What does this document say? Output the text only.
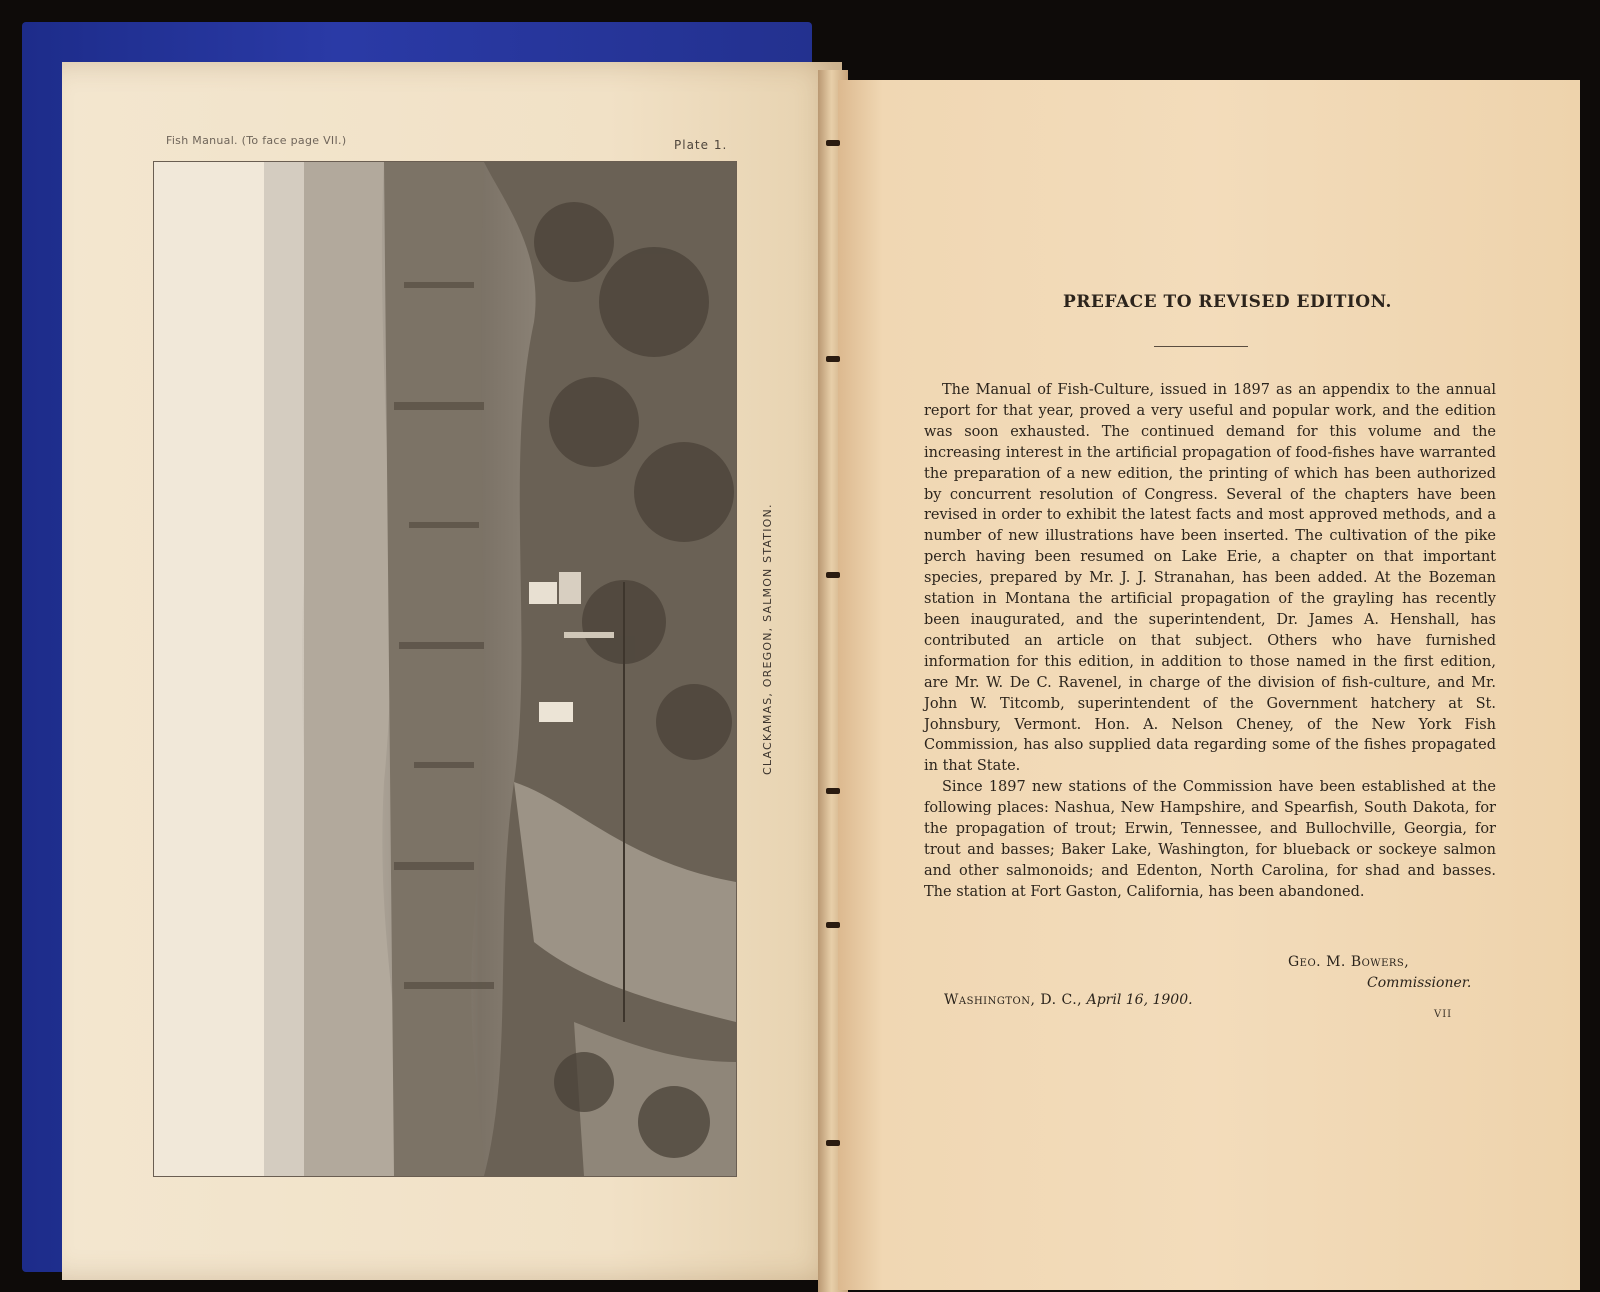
Fish Manual. (To face page VII.)	Plate 1.
CLACKAMAS, OREGON, SALMON STATION.
PREFACE TO REVISED EDITION.

The Manual of Fish-Culture, issued in 1897 as an appendix to the annual report for that year, proved a very useful and popular work, and the edition was soon exhausted. The continued demand for this volume and the increasing interest in the artificial propagation of food-fishes have warranted the preparation of a new edition, the printing of which has been authorized by concurrent resolution of Congress. Several of the chapters have been revised in order to exhibit the latest facts and most approved methods, and a number of new illustrations have been inserted. The cultivation of the pike perch having been resumed on Lake Erie, a chapter on that important species, prepared by Mr. J. J. Stranahan, has been added. At the Bozeman station in Montana the artificial propagation of the grayling has recently been inaugurated, and the superintendent, Dr. James A. Henshall, has contributed an article on that subject. Others who have furnished information for this edition, in addition to those named in the first edition, are Mr. W. De C. Ravenel, in charge of the division of fish-culture, and Mr. John W. Titcomb, superintendent of the Government hatchery at St. Johnsbury, Vermont. Hon. A. Nelson Cheney, of the New York Fish Commission, has also supplied data regarding some of the fishes propagated in that State.

Since 1897 new stations of the Commission have been established at the following places: Nashua, New Hampshire, and Spearfish, South Dakota, for the propagation of trout; Erwin, Tennessee, and Bullochville, Georgia, for trout and basses; Baker Lake, Washington, for blueback or sockeye salmon and other salmonoids; and Edenton, North Carolina, for shad and basses. The station at Fort Gaston, California, has been abandoned.

Geo. M. Bowers,
Commissioner.
Washington, D. C., April 16, 1900.
VII
